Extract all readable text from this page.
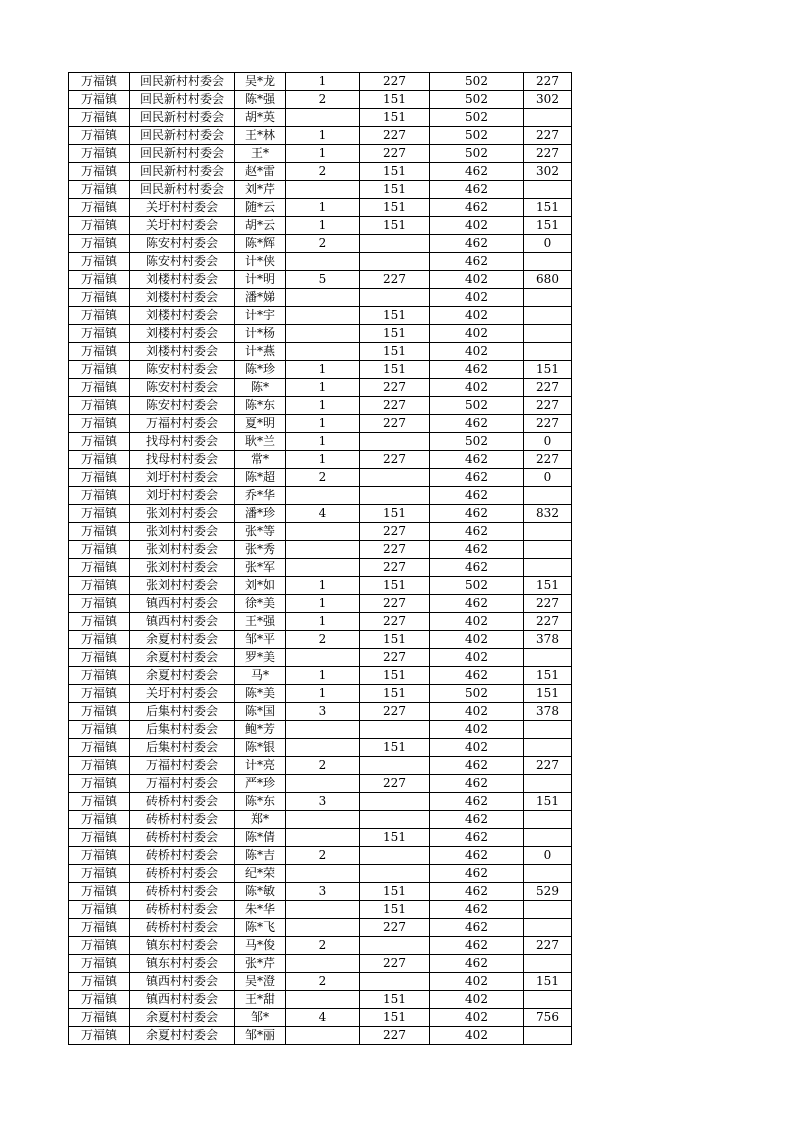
万福镇	回民新村村委会	吴*龙	1	227	502	227
万福镇	回民新村村委会	陈*强	2	151	502	302
万福镇	回民新村村委会	胡*英		151	502	
万福镇	回民新村村委会	王*林	1	227	502	227
万福镇	回民新村村委会	王*	1	227	502	227
万福镇	回民新村村委会	赵*雷	2	151	462	302
万福镇	回民新村村委会	刘*芹		151	462	
万福镇	关圩村村委会	随*云	1	151	462	151
万福镇	关圩村村委会	胡*云	1	151	402	151
万福镇	陈安村村委会	陈*辉	2		462	0
万福镇	陈安村村委会	计*侠			462	
万福镇	刘楼村村委会	计*明	5	227	402	680
万福镇	刘楼村村委会	潘*娣			402	
万福镇	刘楼村村委会	计*宇		151	402	
万福镇	刘楼村村委会	计*杨		151	402	
万福镇	刘楼村村委会	计*燕		151	402	
万福镇	陈安村村委会	陈*珍	1	151	462	151
万福镇	陈安村村委会	陈*	1	227	402	227
万福镇	陈安村村委会	陈*东	1	227	502	227
万福镇	万福村村委会	夏*明	1	227	462	227
万福镇	找母村村委会	耿*兰	1		502	0
万福镇	找母村村委会	常*	1	227	462	227
万福镇	刘圩村村委会	陈*超	2		462	0
万福镇	刘圩村村委会	乔*华			462	
万福镇	张刘村村委会	潘*珍	4	151	462	832
万福镇	张刘村村委会	张*等		227	462	
万福镇	张刘村村委会	张*秀		227	462	
万福镇	张刘村村委会	张*军		227	462	
万福镇	张刘村村委会	刘*如	1	151	502	151
万福镇	镇西村村委会	徐*美	1	227	462	227
万福镇	镇西村村委会	王*强	1	227	402	227
万福镇	余夏村村委会	邹*平	2	151	402	378
万福镇	余夏村村委会	罗*美		227	402	
万福镇	余夏村村委会	马*	1	151	462	151
万福镇	关圩村村委会	陈*美	1	151	502	151
万福镇	后集村村委会	陈*国	3	227	402	378
万福镇	后集村村委会	鲍*芳			402	
万福镇	后集村村委会	陈*银		151	402	
万福镇	万福村村委会	计*亮	2		462	227
万福镇	万福村村委会	严*珍		227	462	
万福镇	砖桥村村委会	陈*东	3		462	151
万福镇	砖桥村村委会	郑*			462	
万福镇	砖桥村村委会	陈*倩		151	462	
万福镇	砖桥村村委会	陈*吉	2		462	0
万福镇	砖桥村村委会	纪*荣			462	
万福镇	砖桥村村委会	陈*敏	3	151	462	529
万福镇	砖桥村村委会	朱*华		151	462	
万福镇	砖桥村村委会	陈*飞		227	462	
万福镇	镇东村村委会	马*俊	2		462	227
万福镇	镇东村村委会	张*芹		227	462	
万福镇	镇西村村委会	吴*澄	2		402	151
万福镇	镇西村村委会	王*甜		151	402	
万福镇	余夏村村委会	邹*	4	151	402	756
万福镇	余夏村村委会	邹*丽		227	402	
